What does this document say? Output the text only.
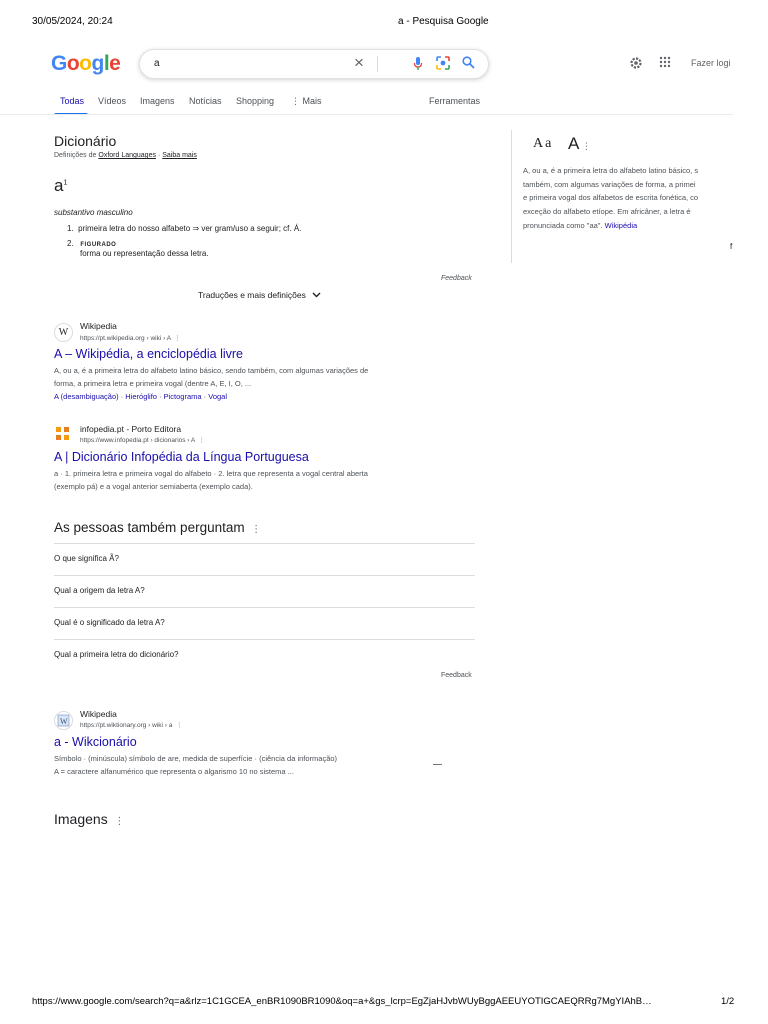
30/05/2024, 20:24	a - Pesquisa Google
Google	a	×	Fazer logi
Todas Vídeos Imagens Notícias Shopping ⋮ Mais	Ferramentas
Dicionário
Definições de Oxford Languages · Saiba mais
$a^1$
substantivo masculino
1. primeira letra do nosso alfabeto ⇒ ver gram/uso a seguir; cf. Á.
2. FIGURADO
forma ou representação dessa letra.
Feedback
Traduções e mais definições
W
Wikipedia
https://pt.wikipedia.org › wiki › A  ⋮
A – Wikipédia, a enciclopédia livre
A, ou a, é a primeira letra do alfabeto latino básico, sendo também, com algumas variações de
forma, a primeira letra e primeira vogal (dentre A, E, I, O, ...
A (desambiguação) · Hieróglifo · Pictograma · Vogal
infopedia.pt - Porto Editora
https://www.infopedia.pt › dicionarios › A  ⋮
A | Dicionário Infopédia da Língua Portuguesa
a · 1. primeira letra e primeira vogal do alfabeto · 2. letra que representa a vogal central aberta
(exemplo pá) e a vogal anterior semiaberta (exemplo cada).
As pessoas também perguntam  ⋮
O que significa Ã?
Qual a origem da letra A?
Qual é o significado da letra A?
Qual a primeira letra do dicionário?
Feedback
W
Wikipedia
https://pt.wiktionary.org › wiki › a  ⋮
a - Wikcionário
Símbolo · (minúscula) símbolo de are, medida de superfície · (ciência da informação)
A = caractere alfanumérico que representa o algarismo 10 no sistema ...
Imagens  ⋮
Aa A ⋮
A, ou a, é a primeira letra do alfabeto latino básico, s
também, com algumas variações de forma, a primei
e primeira vogal dos alfabetos de escrita fonética, co
exceção do alfabeto etíope. Em africâner, a letra é
pronunciada como "aa". Wikipédia
f
https://www.google.com/search?q=a&rlz=1C1GCEA_enBR1090BR1090&oq=a+&gs_lcrp=EgZjaHJvbWUyBggAEEUYOTIGCAEQRRg7MgYIAhB…	1/2
